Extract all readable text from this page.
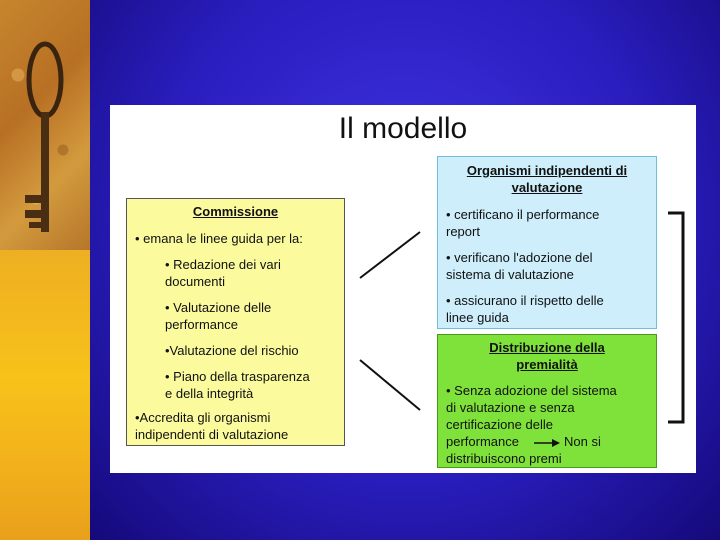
Il modello
Commissione
• emana le linee guida per la:
• Redazione dei vari
documenti
• Valutazione delle
performance
•Valutazione del rischio
• Piano della trasparenza
e della integrità
•Accredita gli organismi
indipendenti di valutazione
Organismi indipendenti di
valutazione
• certificano il performance
report
• verificano l'adozione del
sistema di valutazione
• assicurano il rispetto delle
linee guida
Distribuzione della
premialità
• Senza adozione del sistema
di valutazione e senza
certificazione delle
performance	Non si
distribuiscono premi
